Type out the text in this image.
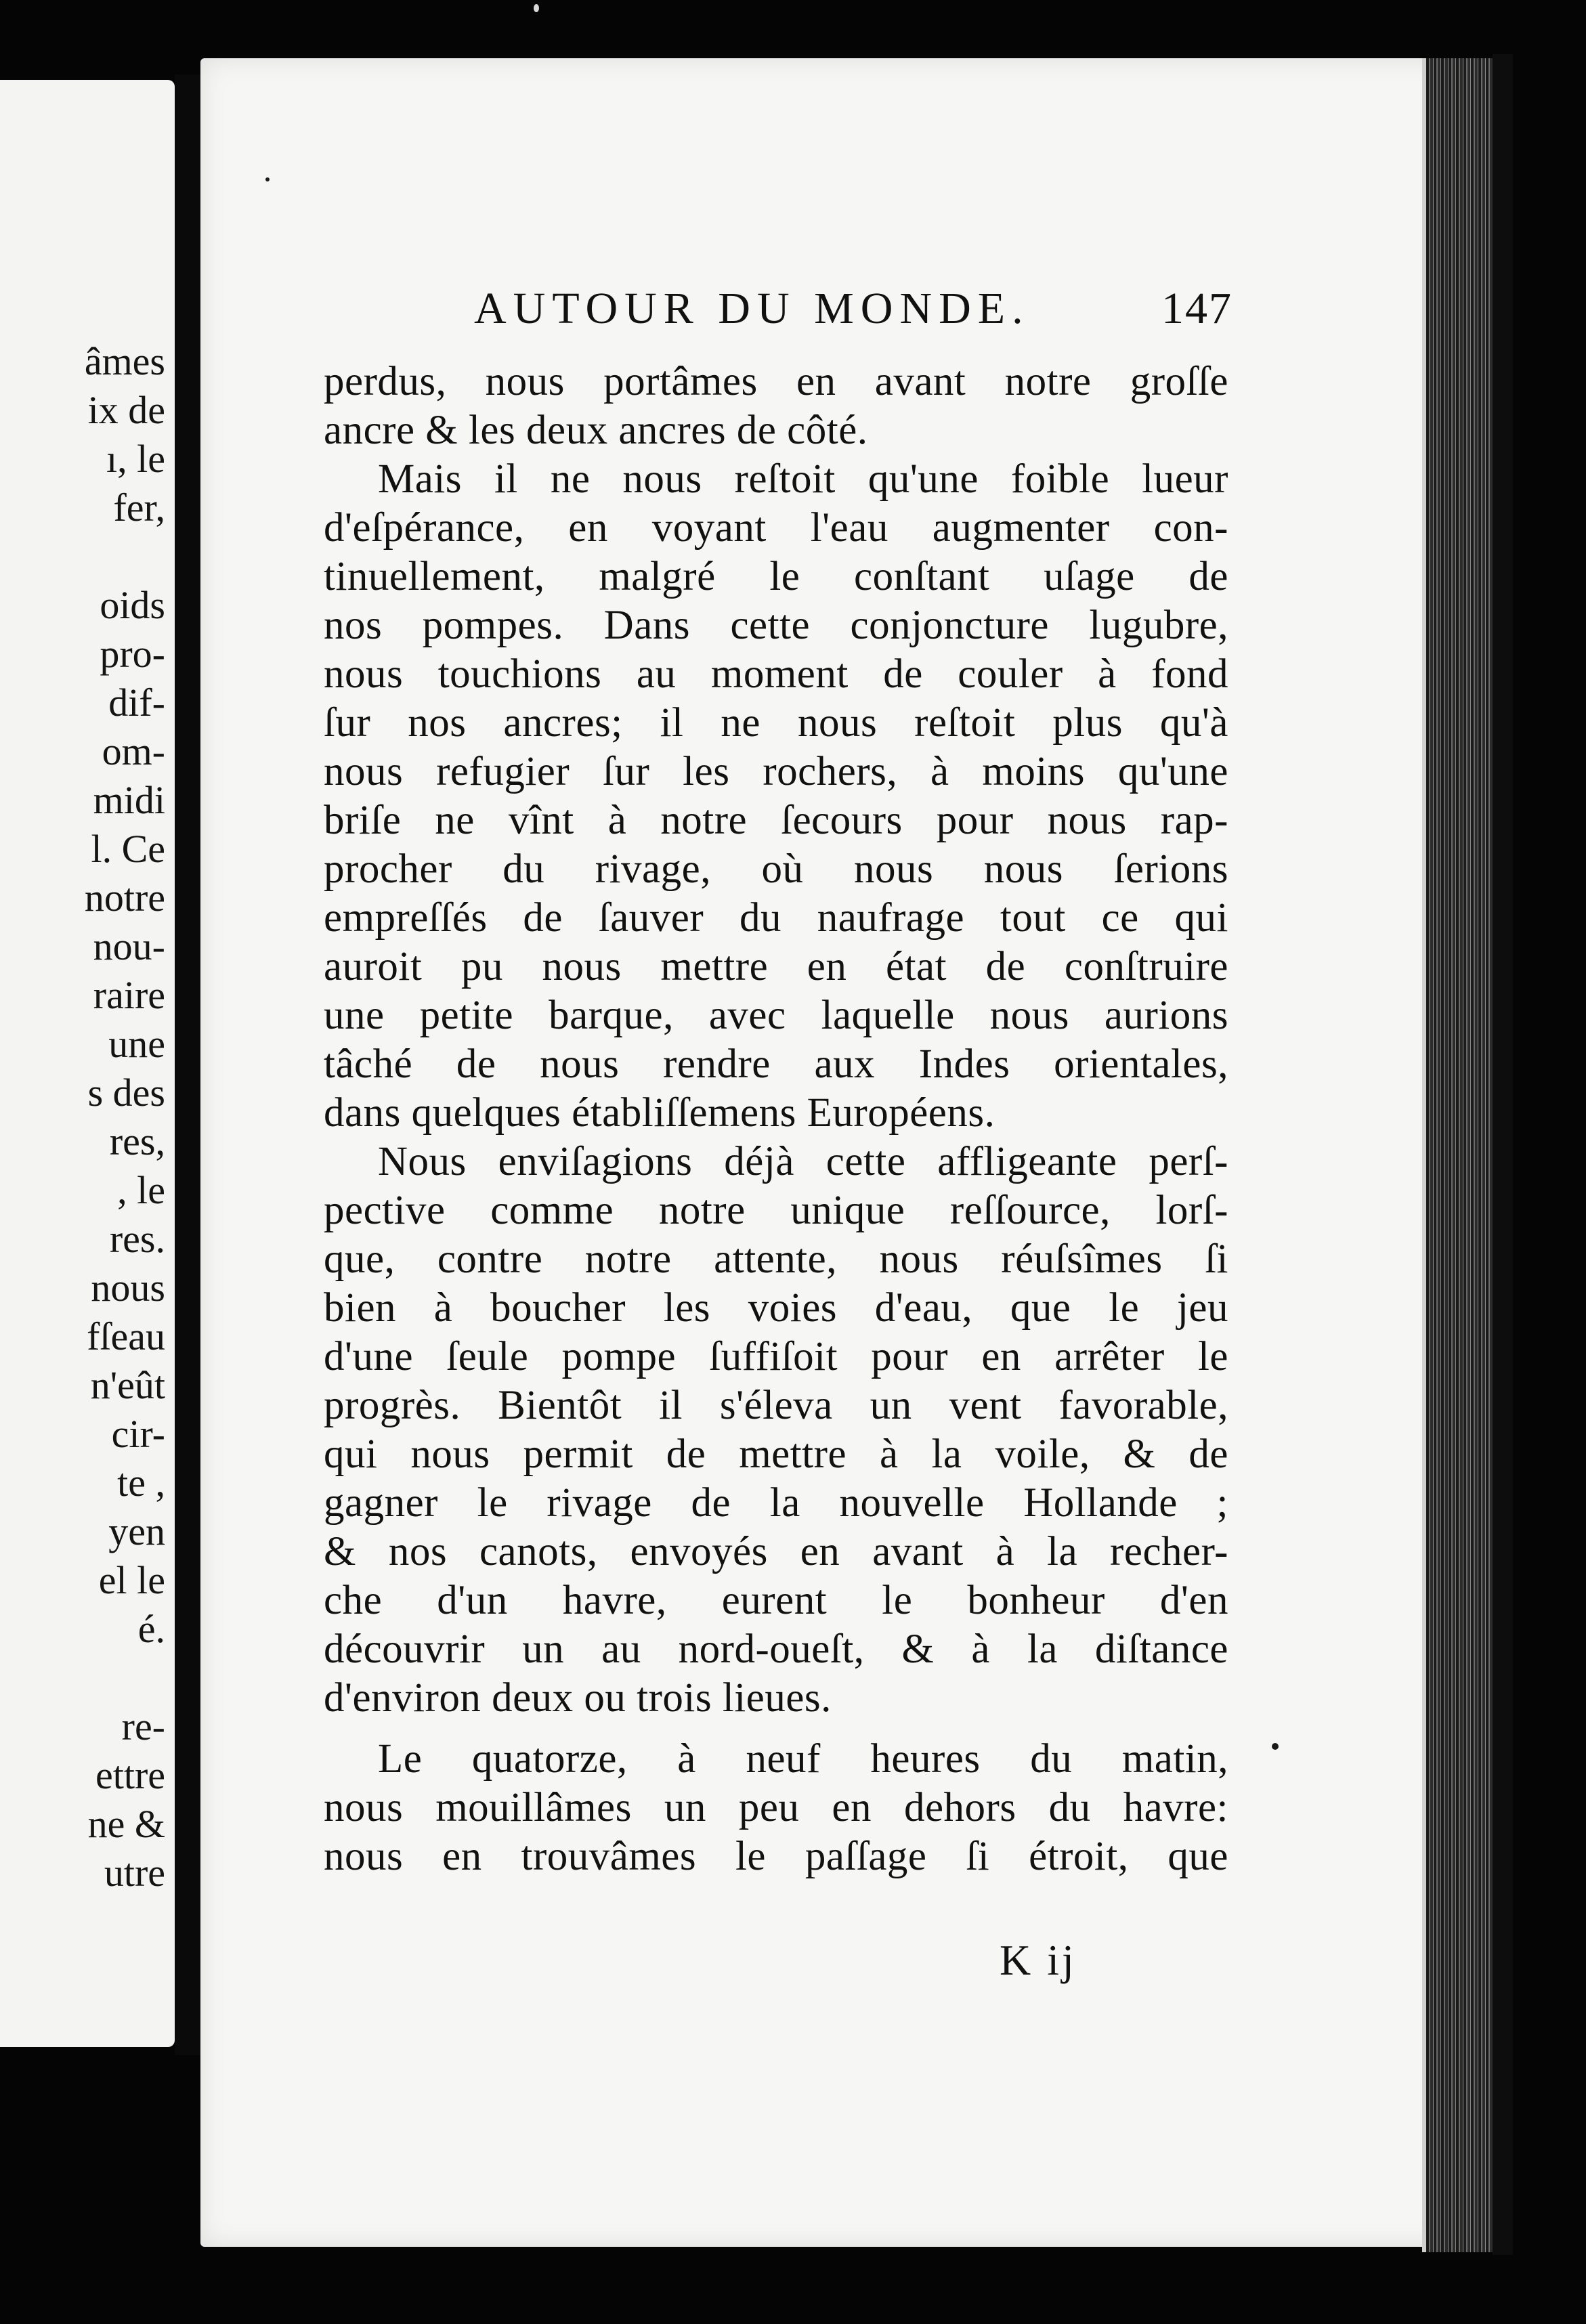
âmes
ix de
ı, le
fer,
oids
pro-
dif-
om-
midi
l. Ce
notre
nou-
raire
une
s des
res,
, le
res.
nous
fſeau
n'eût
cir-
te ,
yen
el le
é.
re-
ettre
ne &
utre
AUTOUR DU MONDE.	147
perdus, nous portâmes en avant notre groſſe
ancre & les deux ancres de côté.
Mais il ne nous reſtoit qu'une foible lueur
d'eſpérance, en voyant l'eau augmenter con-
tinuellement, malgré le conſtant uſage de
nos pompes. Dans cette conjoncture lugubre,
nous touchions au moment de couler à fond
ſur nos ancres; il ne nous reſtoit plus qu'à
nous refugier ſur les rochers, à moins qu'une
briſe ne vînt à notre ſecours pour nous rap-
procher du rivage, où nous nous ſerions
empreſſés de ſauver du naufrage tout ce qui
auroit pu nous mettre en état de conſtruire
une petite barque, avec laquelle nous aurions
tâché de nous rendre aux Indes orientales,
dans quelques établiſſemens Européens.
Nous enviſagions déjà cette affligeante perſ-
pective comme notre unique reſſource, lorſ-
que, contre notre attente, nous réuſsîmes ſi
bien à boucher les voies d'eau, que le jeu
d'une ſeule pompe ſuffiſoit pour en arrêter le
progrès. Bientôt il s'éleva un vent favorable,
qui nous permit de mettre à la voile, & de
gagner le rivage de la nouvelle Hollande ;
& nos canots, envoyés en avant à la recher-
che d'un havre, eurent le bonheur d'en
découvrir un au nord-oueſt, & à la diſtance
d'environ deux ou trois lieues.
Le quatorze, à neuf heures du matin,
nous mouillâmes un peu en dehors du havre:
nous en trouvâmes le paſſage ſi étroit, que
K ij
